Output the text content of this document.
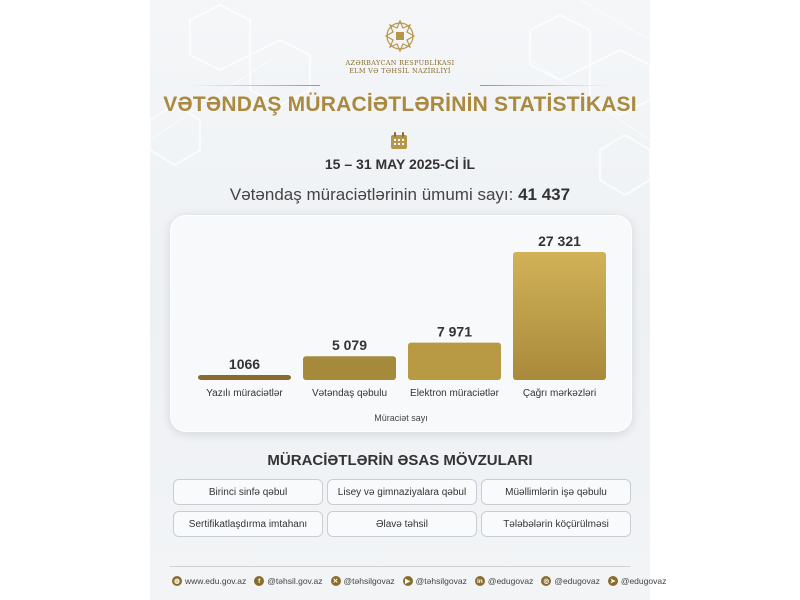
AZƏRBAYCAN RESPUBLİKASI
ELM VƏ TƏHSİL NAZİRLİYİ
VƏTƏNDAŞ MÜRACİƏTLƏRİNİN STATİSTİKASI
15 – 31 MAY 2025-Cİ İL
Vətəndaş müraciətlərinin ümumi sayı: 41 437
1066
Yazılı müraciətlər
5 079
Vətəndaş qəbulu
7 971
Elektron müraciətlər
27 321
Çağrı mərkəzləri
Müraciət sayı
MÜRACİƏTLƏRİN ƏSAS MÖVZULARI
Birinci sinfə qəbul	Lisey və gimnaziyalara qəbul	Müəllimlərin işə qəbulu
Sertifikatlaşdırma imtahanı	Əlavə təhsil	Tələbələrin köçürülməsi
◍ www.edu.gov.az	f @təhsil.gov.az	✕ @təhsilgovaz	▶ @təhsilgovaz	in @edugovaz	◎ @edugovaz	➤ @edugovaz
